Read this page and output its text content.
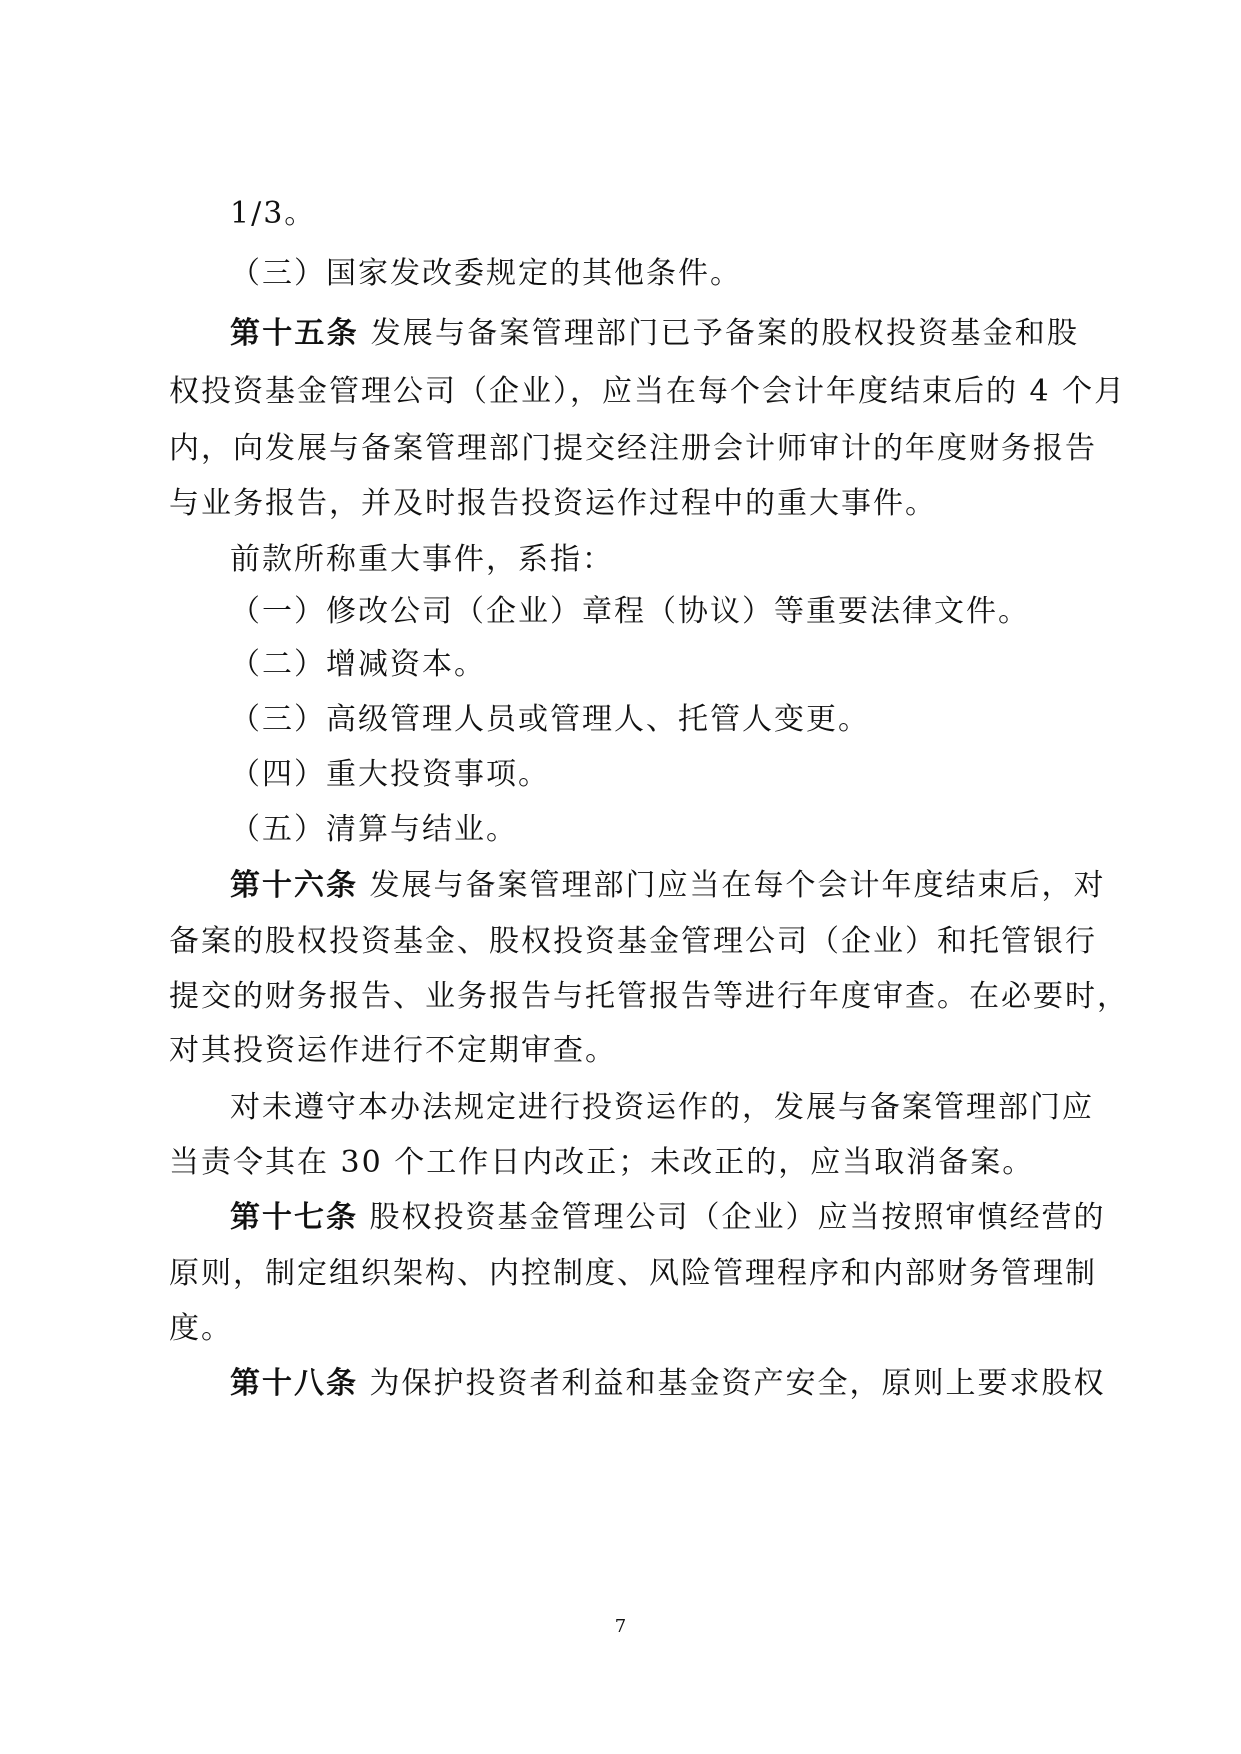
1/3。
（三）国家发改委规定的其他条件。
第十五条 发展与备案管理部门已予备案的股权投资基金和股
权投资基金管理公司（企业），应当在每个会计年度结束后的 4 个月
内，向发展与备案管理部门提交经注册会计师审计的年度财务报告
与业务报告，并及时报告投资运作过程中的重大事件。
前款所称重大事件，系指：
（一）修改公司（企业）章程（协议）等重要法律文件。
（二）增减资本。
（三）高级管理人员或管理人、托管人变更。
（四）重大投资事项。
（五）清算与结业。
第十六条 发展与备案管理部门应当在每个会计年度结束后，对
备案的股权投资基金、股权投资基金管理公司（企业）和托管银行
提交的财务报告、业务报告与托管报告等进行年度审查。在必要时，
对其投资运作进行不定期审查。
对未遵守本办法规定进行投资运作的，发展与备案管理部门应
当责令其在 30 个工作日内改正；未改正的，应当取消备案。
第十七条 股权投资基金管理公司（企业）应当按照审慎经营的
原则，制定组织架构、内控制度、风险管理程序和内部财务管理制
度。
第十八条 为保护投资者利益和基金资产安全，原则上要求股权
7
